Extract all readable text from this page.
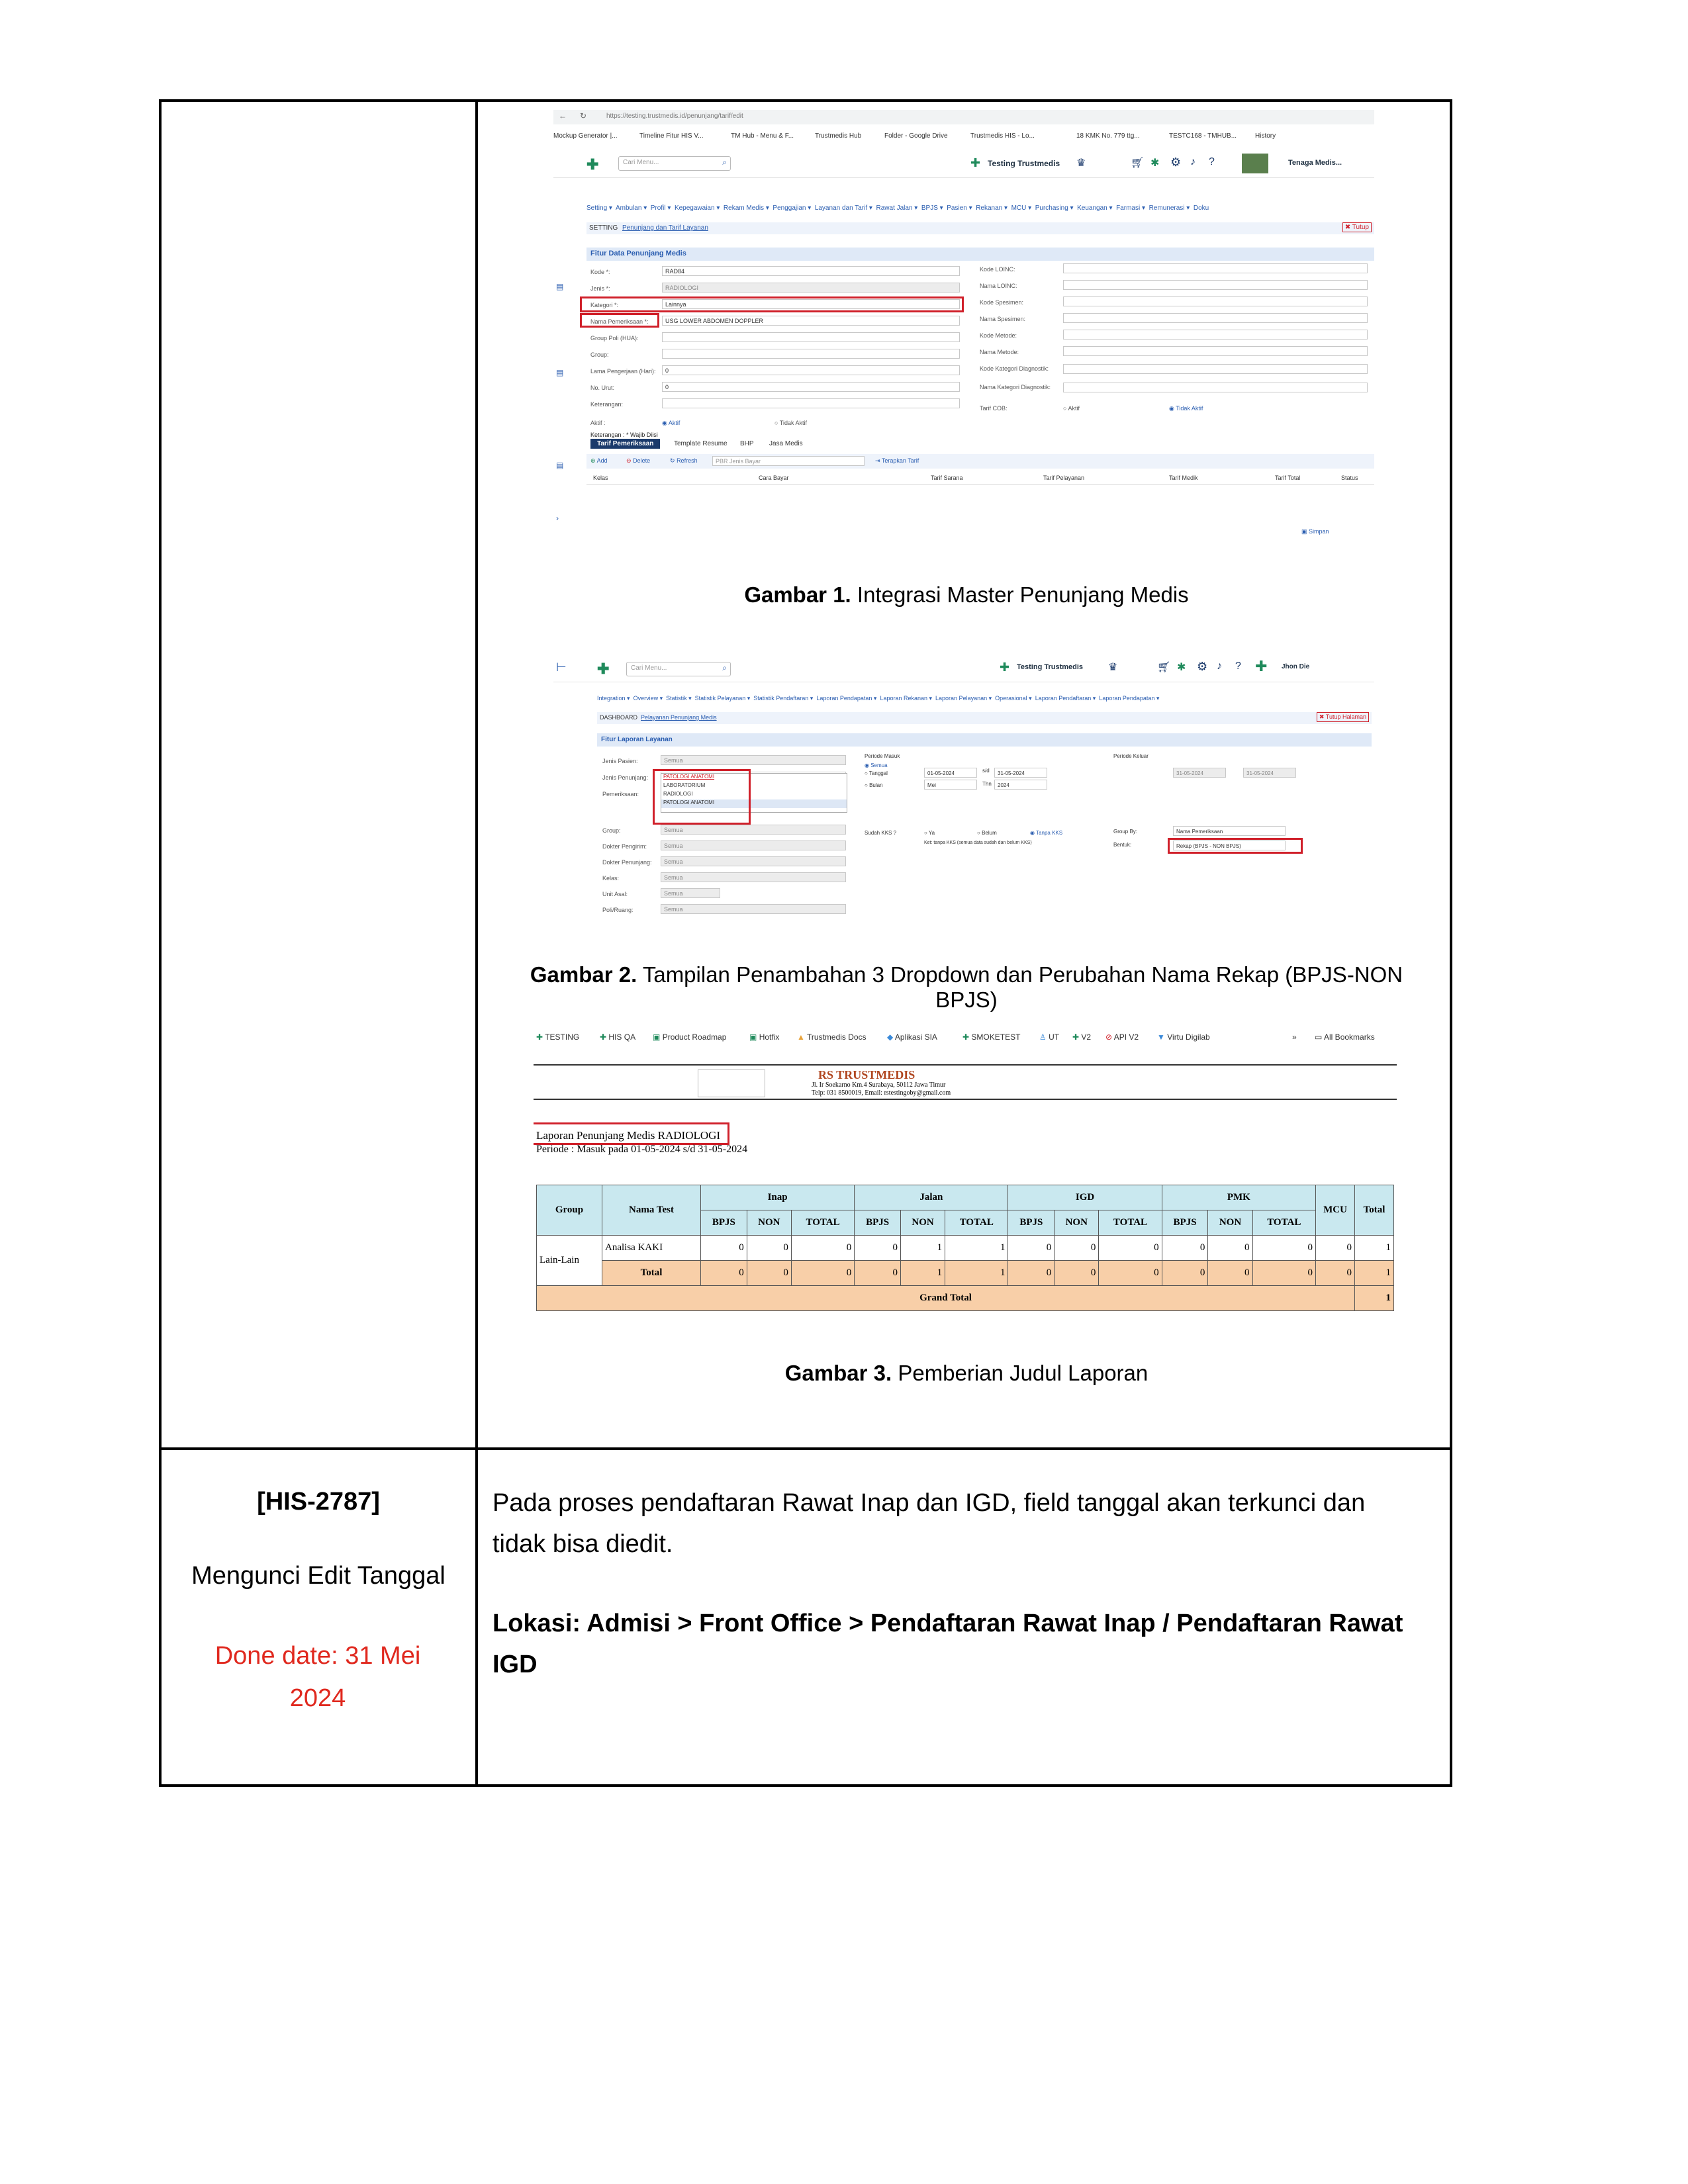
← ↻	https://testing.trustmedis.id/penunjang/tarif/edit
Mockup Generator |...	Timeline Fitur HIS V...	TM Hub - Menu & F...	Trustmedis Hub	Folder - Google Drive	Trustmedis HIS - Lo...	18 KMK No. 779 ttg...	TESTC168 - TMHUB...	History
✚	Cari Menu...	⌕	✚ Testing Trustmedis ♛	🛒︎ ✱ ⚙ ♪ ?	Tenaga Medis...
Setting ▾  Ambulan ▾  Profil ▾  Kepegawaian ▾  Rekam Medis ▾  Penggajian ▾  Layanan dan Tarif ▾  Rawat Jalan ▾  BPJS ▾  Pasien ▾  Rekanan ▾  MCU ▾  Purchasing ▾  Keuangan ▾  Farmasi ▾  Remunerasi ▾  Doku
SETTING Penunjang dan Tarif Layanan	✖ Tutup
Fitur Data Penunjang Medis
Kode *:	RAD84
Jenis *:	RADIOLOGI
Kategori *:	Lainnya
Nama Pemeriksaan *:	USG LOWER ABDOMEN DOPPLER
Group Poli (HUA):
Group:
Lama Pengerjaan (Hari):	0
No. Urut:	0
Keterangan:
Aktif :	◉ Aktif	○ Tidak Aktif
Keterangan : * Wajib Diisi
Kode LOINC:
Nama LOINC:
Kode Spesimen:
Nama Spesimen:
Kode Metode:
Nama Metode:
Kode Kategori Diagnostik:
Nama Kategori Diagnostik:
Tarif COB:	○ Aktif	◉ Tidak Aktif
Tarif Pemeriksaan	Template Resume BHP Jasa Medis
⊕ Add	⊖ Delete	↻ Refresh	PBR Jenis Bayar	⇥ Terapkan Tarif
Kelas	Cara Bayar	Tarif Sarana	Tarif Pelayanan	Tarif Medik	Tarif Total	Status
▣ Simpan
▤
▤
▤
›
Gambar 1. Integrasi Master Penunjang Medis
⊢ ✚	Cari Menu...	⌕	✚ Testing Trustmedis ♛	🛒︎ ✱ ⚙ ♪ ? ✚ Jhon Die
Integration ▾  Overview ▾  Statistik ▾  Statistik Pelayanan ▾  Statistik Pendaftaran ▾  Laporan Pendapatan ▾  Laporan Rekanan ▾  Laporan Pelayanan ▾  Operasional ▾  Laporan Pendaftaran ▾  Laporan Pendapatan ▾
DASHBOARD Pelayanan Penunjang Medis	✖ Tutup Halaman
Fitur Laporan Layanan
Jenis Pasien:	Semua
Jenis Penunjang:
Pemeriksaan:
PATOLOGI ANATOMI
LABORATORIUM
RADIOLOGI
PATOLOGI ANATOMI
Group:	Semua
Dokter Pengirim:	Semua
Dokter Penunjang:	Semua
Kelas:	Semua
Unit Asal:	Semua
Poli/Ruang:	Semua
Periode Masuk
◉ Semua
○ Tanggal
○ Bulan
01-05-2024	s/d	31-05-2024
Mei	Thn	2024
Periode Keluar
31-05-2024	31-05-2024
Sudah KKS ?	○ Ya	○ Belum	◉ Tanpa KKS
Ket: tanpa KKS (semua data sudah dan belum KKS)
Group By:	Nama Pemeriksaan
Bentuk:	Rekap (BPJS - NON BPJS)
Gambar 2. Tampilan Penambahan 3 Dropdown dan Perubahan Nama Rekap (BPJS-NON BPJS)
✚ TESTING	✚ HIS QA ▣ Product Roadmap	▣ Hotfix ▲ Trustmedis Docs	◆ Aplikasi SIA	✚ SMOKETEST ♙ UT ✚ V2 ⊘ API V2 ▼ Virtu Digilab	» ▭ All Bookmarks
RS TRUSTMEDIS
Jl. Ir Soekarno Km.4 Surabaya, 50112 Jawa Timur
Telp: 031 8500019, Email: rstestingoby@gmail.com
Laporan Penunjang Medis RADIOLOGI
Periode : Masuk pada 01-05-2024 s/d 31-05-2024
Group	Nama Test	Inap			Jalan			IGD			PMK			MCU	Total
		BPJS	NON	TOTAL	BPJS	NON	TOTAL	BPJS	NON	TOTAL	BPJS	NON	TOTAL		
Lain-Lain	Analisa KAKI	0	0	0	0	1	1	0	0	0	0	0	0	0	1
	Total	0	0	0	0	1	1	0	0	0	0	0	0	0	1
Grand Total															1
Gambar 3. Pemberian Judul Laporan
[HIS-2787]
Mengunci Edit Tanggal
Done date: 31 Mei 2024
Pada proses pendaftaran Rawat Inap dan IGD, field tanggal akan terkunci dan tidak bisa diedit.
Lokasi: Admisi > Front Office > Pendaftaran Rawat Inap / Pendaftaran Rawat IGD
